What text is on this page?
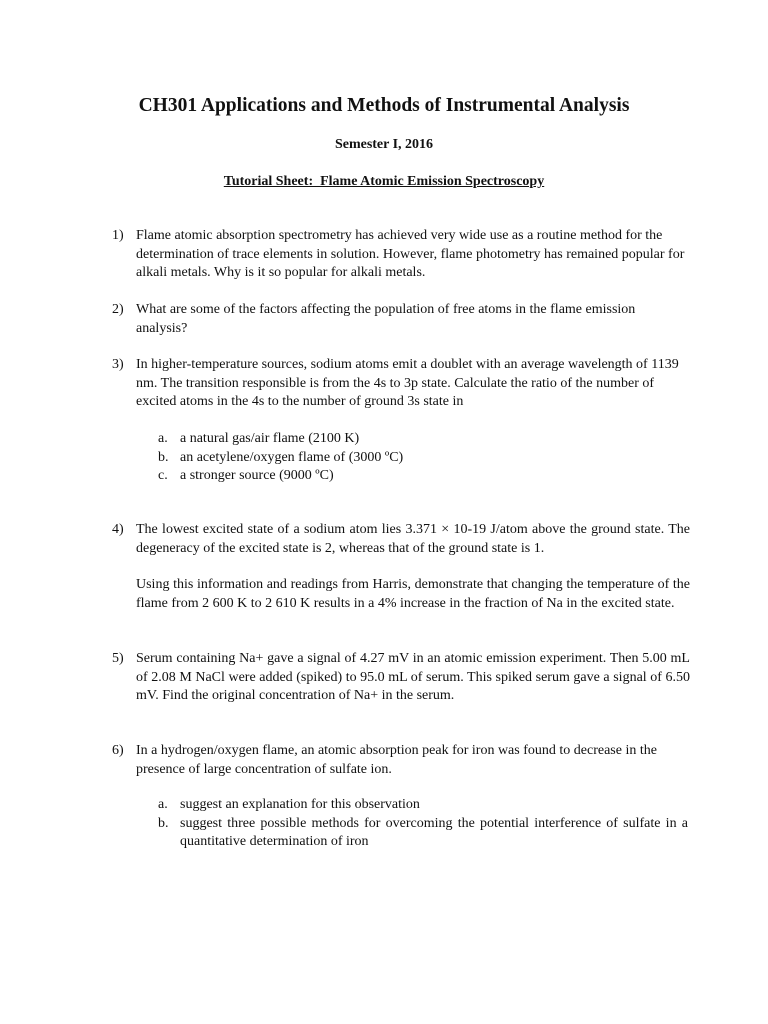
CH301 Applications and Methods of Instrumental Analysis
Semester I, 2016
Tutorial Sheet:  Flame Atomic Emission Spectroscopy
1) Flame atomic absorption spectrometry has achieved very wide use as a routine method for the determination of trace elements in solution. However, flame photometry has remained popular for alkali metals. Why is it so popular for alkali metals.

2) What are some of the factors affecting the population of free atoms in the flame emission analysis?

3) In higher-temperature sources, sodium atoms emit a doublet with an average wavelength of 1139 nm. The transition responsible is from the 4s to 3p state. Calculate the ratio of the number of excited atoms in the 4s to the number of ground 3s state in

a. a natural gas/air flame (2100 K)
b. an acetylene/oxygen flame of (3000 ºC)
c. a stronger source (9000 ºC)
4) The lowest excited state of a sodium atom lies 3.371 × 10-19 J/atom above the ground state. The degeneracy of the excited state is 2, whereas that of the ground state is 1.

Using this information and readings from Harris, demonstrate that changing the temperature of the flame from 2 600 K to 2 610 K results in a 4% increase in the fraction of Na in the excited state.

5) Serum containing Na+ gave a signal of 4.27 mV in an atomic emission experiment. Then 5.00 mL of 2.08 M NaCl were added (spiked) to 95.0 mL of serum. This spiked serum gave a signal of 6.50 mV. Find the original concentration of Na+ in the serum.

6) In a hydrogen/oxygen flame, an atomic absorption peak for iron was found to decrease in the presence of large concentration of sulfate ion.

a. suggest an explanation for this observation
b. suggest three possible methods for overcoming the potential interference of sulfate in a quantitative determination of iron
